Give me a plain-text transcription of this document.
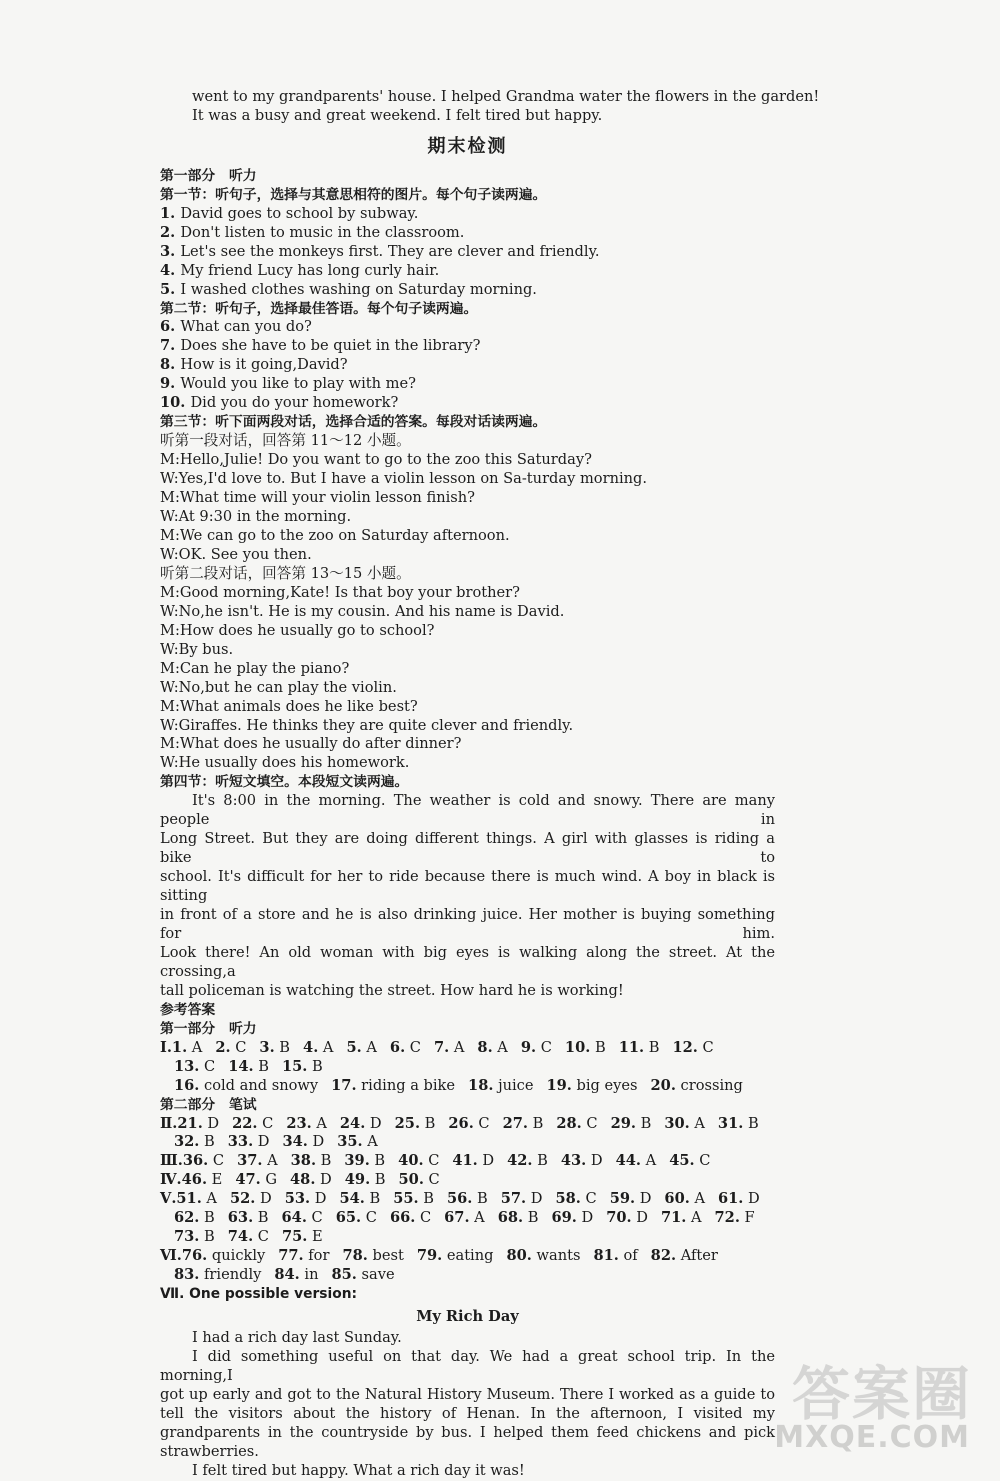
went to my grandparents' house. I helped Grandma water the flowers in the garden!
It was a busy and great weekend. I felt tired but happy.
期末检测
第一部分　听力
第一节：听句子，选择与其意思相符的图片。每个句子读两遍。
1. David goes to school by subway.
2. Don't listen to music in the classroom.
3. Let's see the monkeys first. They are clever and friendly.
4. My friend Lucy has long curly hair.
5. I washed clothes washing on Saturday morning.
第二节：听句子，选择最佳答语。每个句子读两遍。
6. What can you do?
7. Does she have to be quiet in the library?
8. How is it going,David?
9. Would you like to play with me?
10. Did you do your homework?
第三节：听下面两段对话，选择合适的答案。每段对话读两遍。
听第一段对话，回答第 11～12 小题。
M:Hello,Julie! Do you want to go to the zoo this Saturday?
W:Yes,I'd love to. But I have a violin lesson on Sa-turday morning.
M:What time will your violin lesson finish?
W:At 9:30 in the morning.
M:We can go to the zoo on Saturday afternoon.
W:OK. See you then.
听第二段对话，回答第 13～15 小题。
M:Good morning,Kate! Is that boy your brother?
W:No,he isn't. He is my cousin. And his name is David.
M:How does he usually go to school?
W:By bus.
M:Can he play the piano?
W:No,but he can play the violin.
M:What animals does he like best?
W:Giraffes. He thinks they are quite clever and friendly.
M:What does he usually do after dinner?
W:He usually does his homework.
第四节：听短文填空。本段短文读两遍。
It's 8:00 in the morning. The weather is cold and snowy. There are many people in
Long Street. But they are doing different things. A girl with glasses is riding a bike to
school. It's difficult for her to ride because there is much wind. A boy in black is sitting
in front of a store and he is also drinking juice. Her mother is buying something for him.
Look there! An old woman with big eyes is walking along the street. At the crossing,a
tall policeman is watching the street. How hard he is working!
参考答案
第一部分　听力
Ⅰ.1. A 2. C 3. B 4. A 5. A 6. C 7. A 8. A 9. C 10. B 11. B 12. C
13. C 14. B 15. B
16. cold and snowy 17. riding a bike 18. juice 19. big eyes 20. crossing
第二部分　笔试
Ⅱ.21. D 22. C 23. A 24. D 25. B 26. C 27. B 28. C 29. B 30. A 31. B
32. B 33. D 34. D 35. A
Ⅲ.36. C 37. A 38. B 39. B 40. C 41. D 42. B 43. D 44. A 45. C
Ⅳ.46. E 47. G 48. D 49. B 50. C
Ⅴ.51. A 52. D 53. D 54. B 55. B 56. B 57. D 58. C 59. D 60. A 61. D
62. B 63. B 64. C 65. C 66. C 67. A 68. B 69. D 70. D 71. A 72. F
73. B 74. C 75. E
Ⅵ.76. quickly 77. for 78. best 79. eating 80. wants 81. of 82. After
83. friendly 84. in 85. save
Ⅶ. One possible version:
My Rich Day
I had a rich day last Sunday.
I did something useful on that day. We had a great school trip. In the morning,I
got up early and got to the Natural History Museum. There I worked as a guide to
tell the visitors about the history of Henan. In the afternoon, I visited my
grandparents in the countryside by bus. I helped them feed chickens and pick
strawberries.
I felt tired but happy. What a rich day it was!
答案圈
MXQE.COM
